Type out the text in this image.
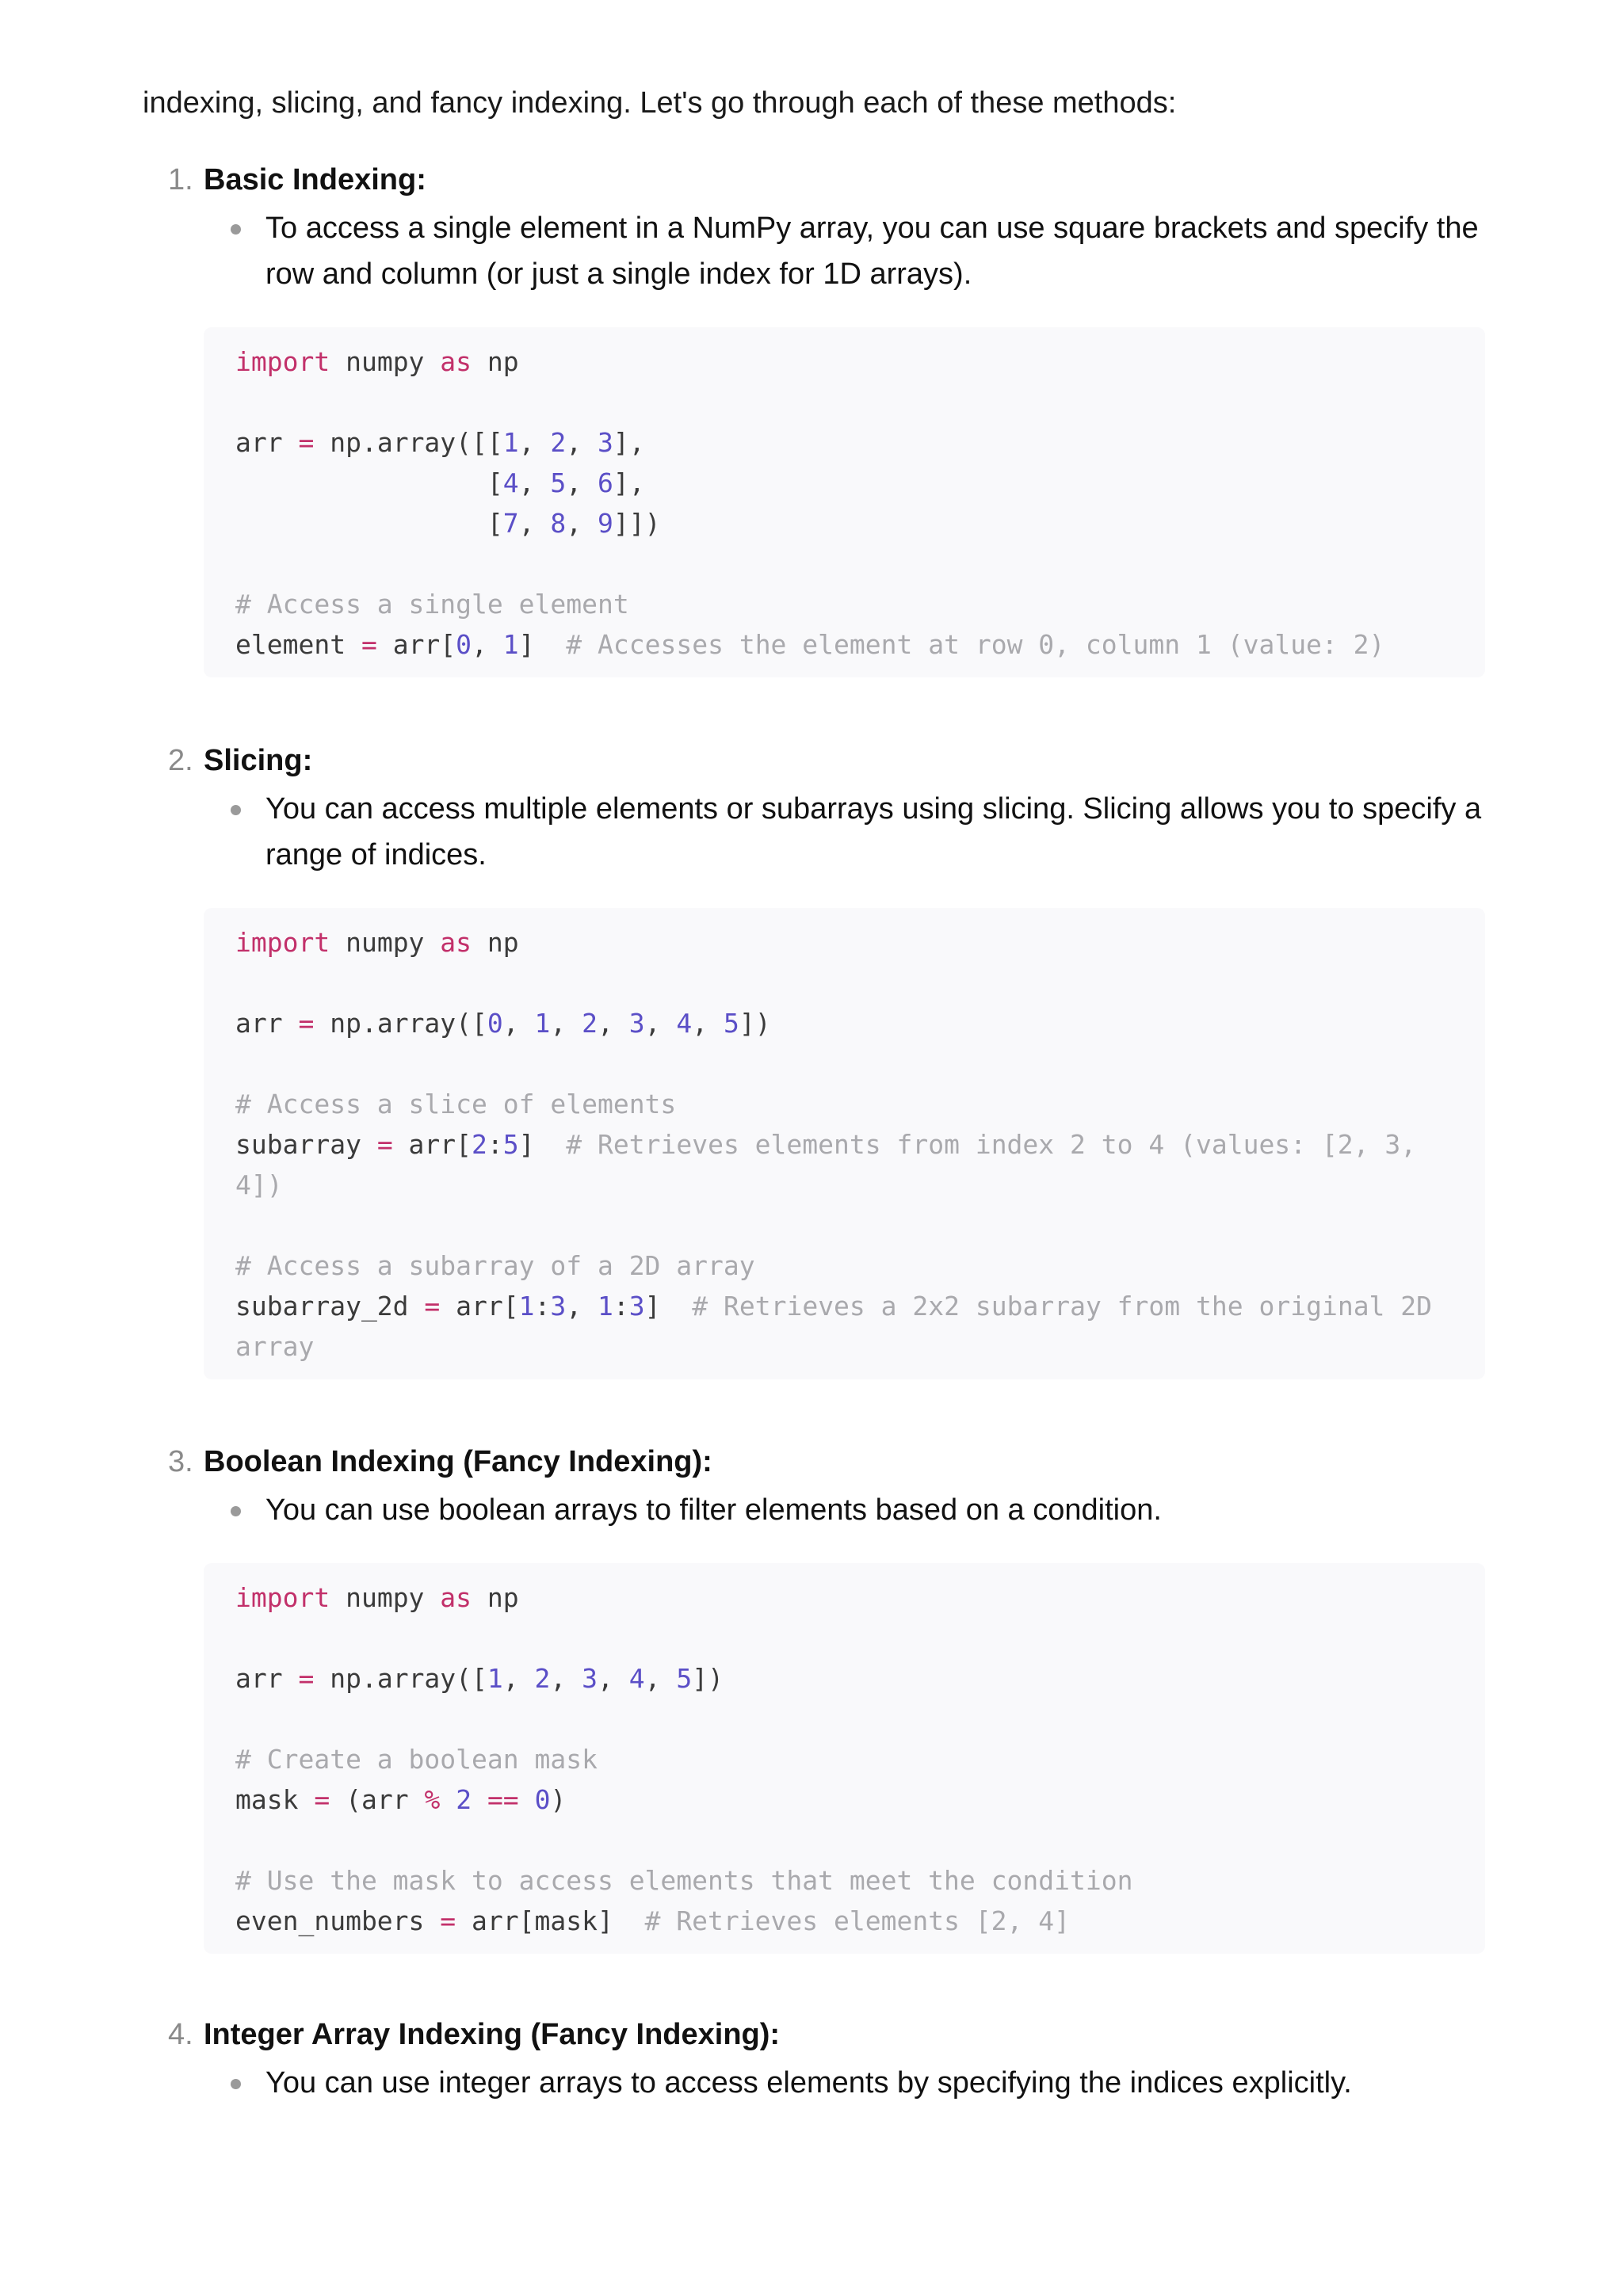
indexing, slicing, and fancy indexing. Let's go through each of these methods:

1. Basic Indexing:

To access a single element in a NumPy array, you can use square brackets and specify the row and column (or just a single index for 1D arrays).

import numpy as np

arr = np.array([[1, 2, 3],
[4, 5, 6],
[7, 8, 9]])

# Access a single element
element = arr[0, 1]  # Accesses the element at row 0, column 1 (value: 2)
2. Slicing:

You can access multiple elements or subarrays using slicing. Slicing allows you to specify a range of indices.

import numpy as np

arr = np.array([0, 1, 2, 3, 4, 5])

# Access a slice of elements
subarray = arr[2:5]  # Retrieves elements from index 2 to 4 (values: [2, 3, 4])

# Access a subarray of a 2D array
subarray_2d = arr[1:3, 1:3]  # Retrieves a 2x2 subarray from the original 2D array
3. Boolean Indexing (Fancy Indexing):

You can use boolean arrays to filter elements based on a condition.

import numpy as np

arr = np.array([1, 2, 3, 4, 5])

# Create a boolean mask
mask = (arr % 2 == 0)

# Use the mask to access elements that meet the condition
even_numbers = arr[mask]  # Retrieves elements [2, 4]
4. Integer Array Indexing (Fancy Indexing):

You can use integer arrays to access elements by specifying the indices explicitly.
